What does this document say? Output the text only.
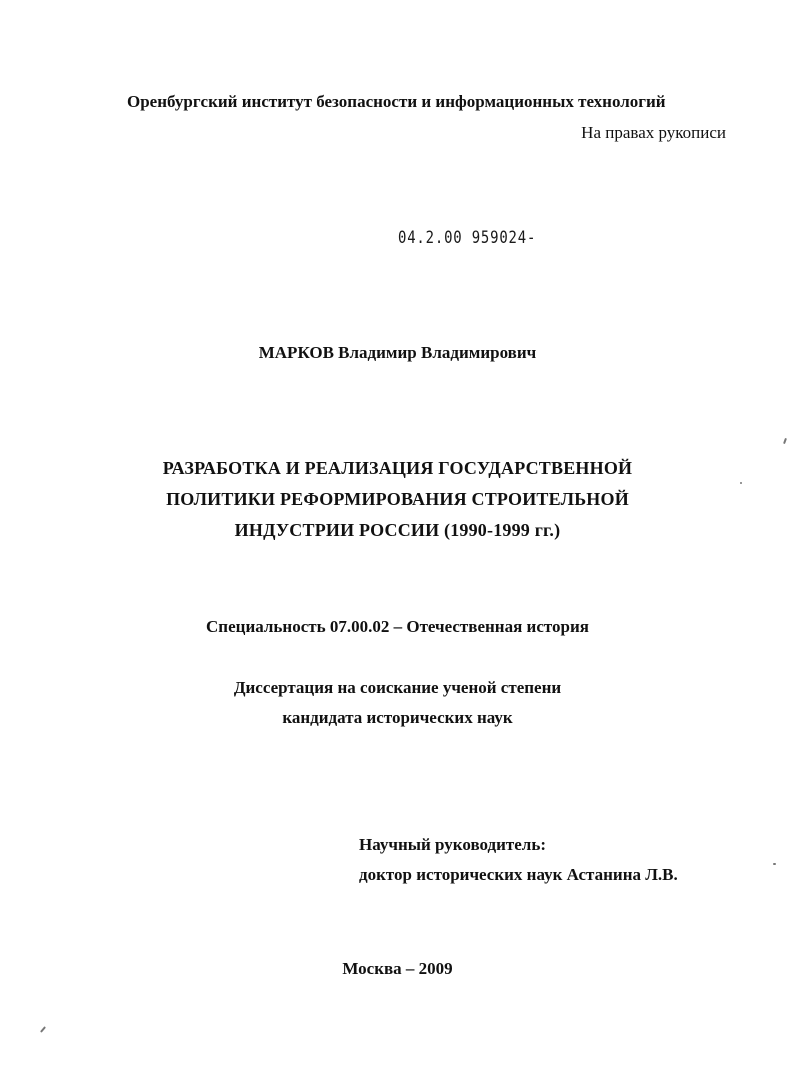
Оренбургский институт безопасности и информационных технологий
На правах рукописи
04.2.00 959024-
МАРКОВ Владимир Владимирович
РАЗРАБОТКА И РЕАЛИЗАЦИЯ ГОСУДАРСТВЕННОЙ
ПОЛИТИКИ РЕФОРМИРОВАНИЯ СТРОИТЕЛЬНОЙ
ИНДУСТРИИ РОССИИ (1990-1999 гг.)
Специальность 07.00.02 – Отечественная история
Диссертация на соискание ученой степени
кандидата исторических наук
Научный руководитель:
доктор исторических наук Астанина Л.В.
Москва – 2009
